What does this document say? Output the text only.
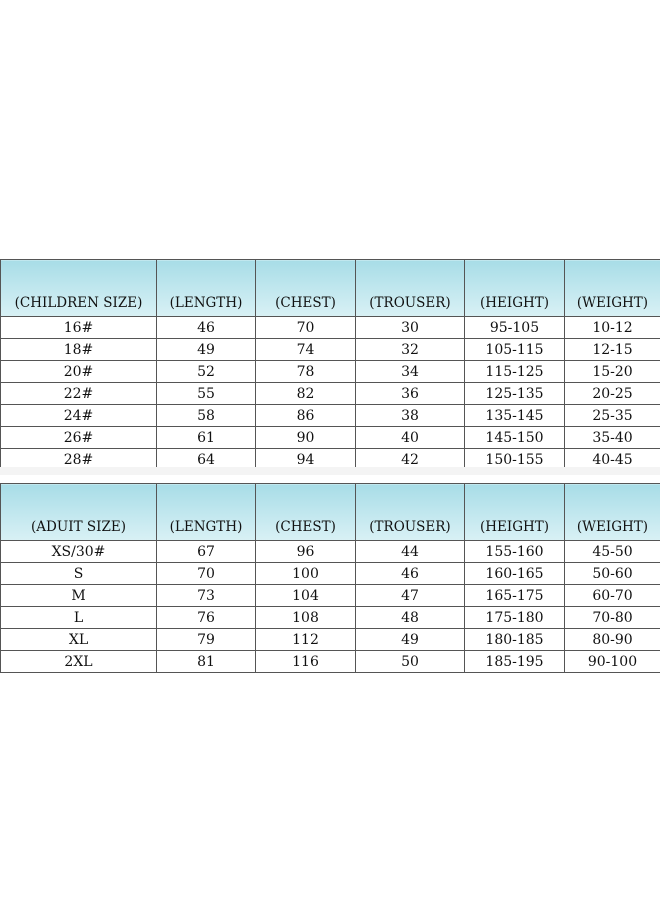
(CHILDREN SIZE)	(LENGTH)	(CHEST)	(TROUSER)	(HEIGHT)	(WEIGHT)
16#	46	70	30	95-105	10-12
18#	49	74	32	105-115	12-15
20#	52	78	34	115-125	15-20
22#	55	82	36	125-135	20-25
24#	58	86	38	135-145	25-35
26#	61	90	40	145-150	35-40
28#	64	94	42	150-155	40-45
(ADUIT SIZE)	(LENGTH)	(CHEST)	(TROUSER)	(HEIGHT)	(WEIGHT)
XS/30#	67	96	44	155-160	45-50
S	70	100	46	160-165	50-60
M	73	104	47	165-175	60-70
L	76	108	48	175-180	70-80
XL	79	112	49	180-185	80-90
2XL	81	116	50	185-195	90-100
